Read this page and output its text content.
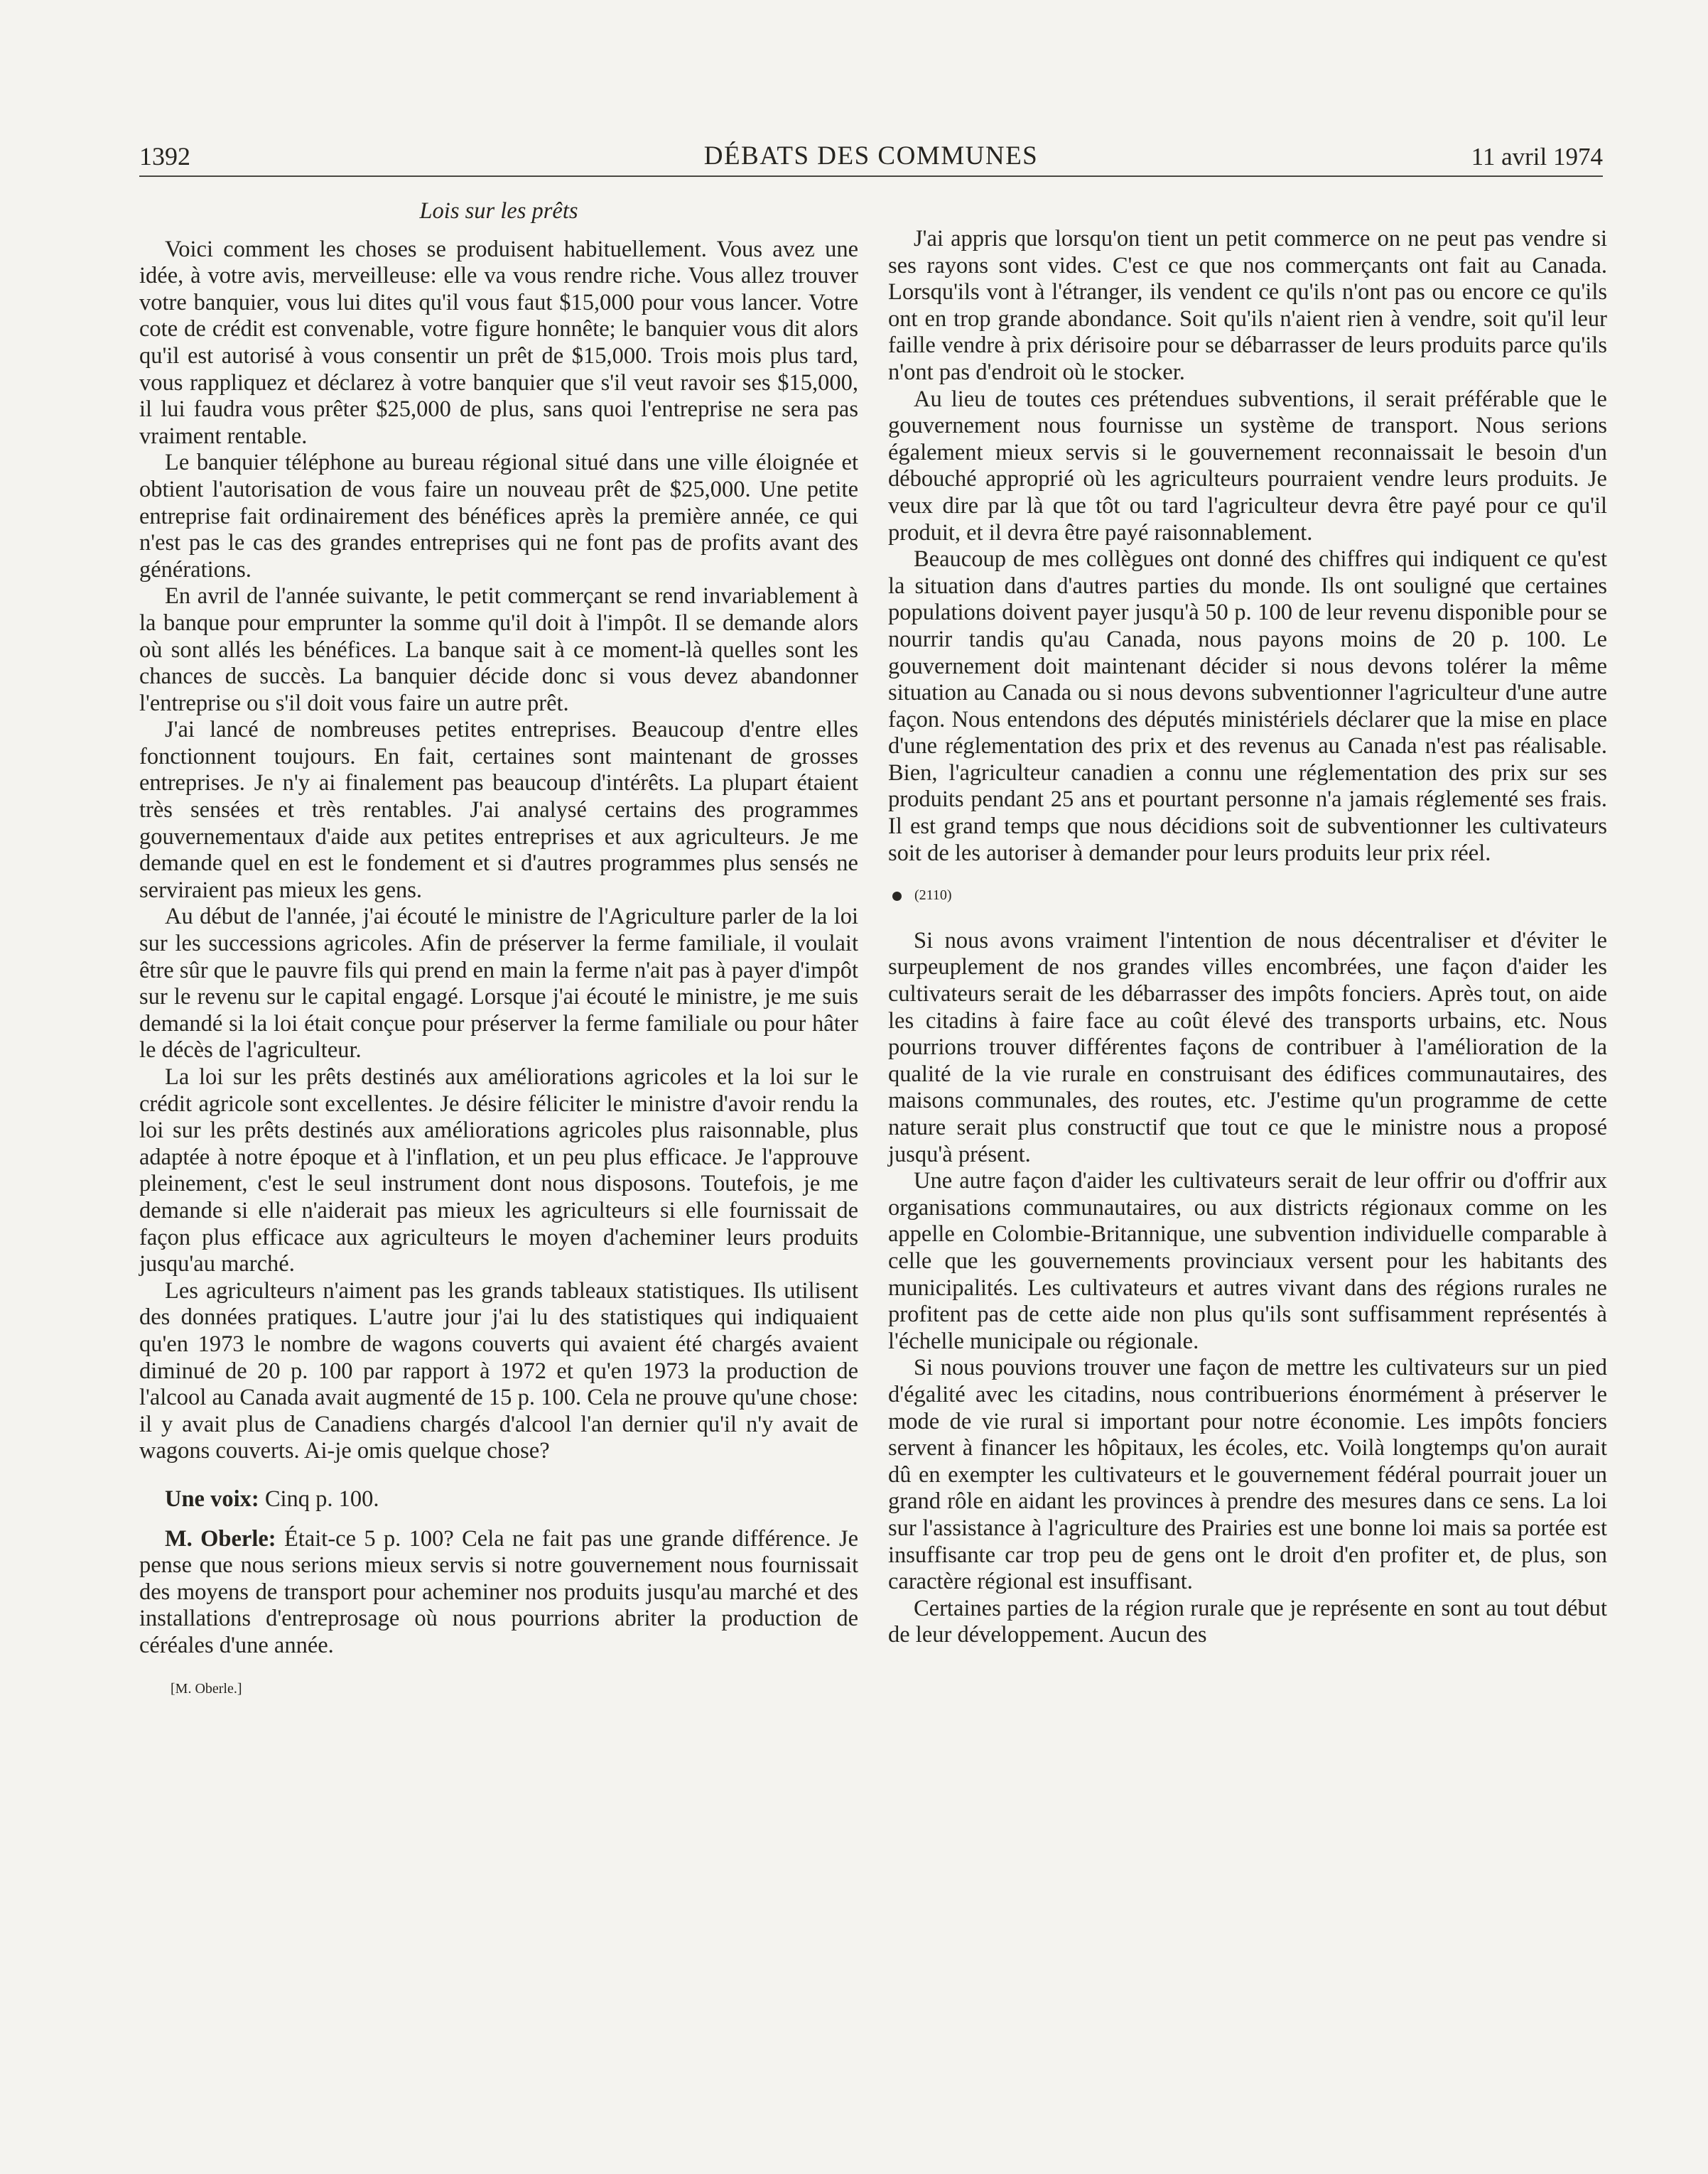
1392	DÉBATS DES COMMUNES	11 avril 1974

Lois sur les prêts

Voici comment les choses se produisent habituellement. Vous avez une idée, à votre avis, merveilleuse: elle va vous rendre riche. Vous allez trouver votre banquier, vous lui dites qu'il vous faut $15,000 pour vous lancer. Votre cote de crédit est convenable, votre figure honnête; le banquier vous dit alors qu'il est autorisé à vous consentir un prêt de $15,000. Trois mois plus tard, vous rappliquez et déclarez à votre banquier que s'il veut ravoir ses $15,000, il lui faudra vous prêter $25,000 de plus, sans quoi l'entreprise ne sera pas vraiment rentable.

Le banquier téléphone au bureau régional situé dans une ville éloignée et obtient l'autorisation de vous faire un nouveau prêt de $25,000. Une petite entreprise fait ordinairement des bénéfices après la première année, ce qui n'est pas le cas des grandes entreprises qui ne font pas de profits avant des générations.

En avril de l'année suivante, le petit commerçant se rend invariablement à la banque pour emprunter la somme qu'il doit à l'impôt. Il se demande alors où sont allés les bénéfices. La banque sait à ce moment-là quelles sont les chances de succès. La banquier décide donc si vous devez abandonner l'entreprise ou s'il doit vous faire un autre prêt.

J'ai lancé de nombreuses petites entreprises. Beaucoup d'entre elles fonctionnent toujours. En fait, certaines sont maintenant de grosses entreprises. Je n'y ai finalement pas beaucoup d'intérêts. La plupart étaient très sensées et très rentables. J'ai analysé certains des programmes gouvernementaux d'aide aux petites entreprises et aux agriculteurs. Je me demande quel en est le fondement et si d'autres programmes plus sensés ne serviraient pas mieux les gens.

Au début de l'année, j'ai écouté le ministre de l'Agriculture parler de la loi sur les successions agricoles. Afin de préserver la ferme familiale, il voulait être sûr que le pauvre fils qui prend en main la ferme n'ait pas à payer d'impôt sur le revenu sur le capital engagé. Lorsque j'ai écouté le ministre, je me suis demandé si la loi était conçue pour préserver la ferme familiale ou pour hâter le décès de l'agriculteur.

La loi sur les prêts destinés aux améliorations agricoles et la loi sur le crédit agricole sont excellentes. Je désire féliciter le ministre d'avoir rendu la loi sur les prêts destinés aux améliorations agricoles plus raisonnable, plus adaptée à notre époque et à l'inflation, et un peu plus efficace. Je l'approuve pleinement, c'est le seul instrument dont nous disposons. Toutefois, je me demande si elle n'aiderait pas mieux les agriculteurs si elle fournissait de façon plus efficace aux agriculteurs le moyen d'acheminer leurs produits jusqu'au marché.

Les agriculteurs n'aiment pas les grands tableaux statistiques. Ils utilisent des données pratiques. L'autre jour j'ai lu des statistiques qui indiquaient qu'en 1973 le nombre de wagons couverts qui avaient été chargés avaient diminué de 20 p. 100 par rapport à 1972 et qu'en 1973 la production de l'alcool au Canada avait augmenté de 15 p. 100. Cela ne prouve qu'une chose: il y avait plus de Canadiens chargés d'alcool l'an dernier qu'il n'y avait de wagons couverts. Ai-je omis quelque chose?

Une voix: Cinq p. 100.

M. Oberle: Était-ce 5 p. 100? Cela ne fait pas une grande différence. Je pense que nous serions mieux servis si notre gouvernement nous fournissait des moyens de transport pour acheminer nos produits jusqu'au marché et des installations d'entreprosage où nous pourrions abriter la production de céréales d'une année.

[M. Oberle.]

J'ai appris que lorsqu'on tient un petit commerce on ne peut pas vendre si ses rayons sont vides. C'est ce que nos commerçants ont fait au Canada. Lorsqu'ils vont à l'étranger, ils vendent ce qu'ils n'ont pas ou encore ce qu'ils ont en trop grande abondance. Soit qu'ils n'aient rien à vendre, soit qu'il leur faille vendre à prix dérisoire pour se débarrasser de leurs produits parce qu'ils n'ont pas d'endroit où le stocker.

Au lieu de toutes ces prétendues subventions, il serait préférable que le gouvernement nous fournisse un système de transport. Nous serions également mieux servis si le gouvernement reconnaissait le besoin d'un débouché approprié où les agriculteurs pourraient vendre leurs produits. Je veux dire par là que tôt ou tard l'agriculteur devra être payé pour ce qu'il produit, et il devra être payé raisonnablement.

Beaucoup de mes collègues ont donné des chiffres qui indiquent ce qu'est la situation dans d'autres parties du monde. Ils ont souligné que certaines populations doivent payer jusqu'à 50 p. 100 de leur revenu disponible pour se nourrir tandis qu'au Canada, nous payons moins de 20 p. 100. Le gouvernement doit maintenant décider si nous devons tolérer la même situation au Canada ou si nous devons subventionner l'agriculteur d'une autre façon. Nous entendons des députés ministériels déclarer que la mise en place d'une réglementation des prix et des revenus au Canada n'est pas réalisable. Bien, l'agriculteur canadien a connu une réglementation des prix sur ses produits pendant 25 ans et pourtant personne n'a jamais réglementé ses frais. Il est grand temps que nous décidions soit de subventionner les cultivateurs soit de les autoriser à demander pour leurs produits leur prix réel.

(2110)

Si nous avons vraiment l'intention de nous décentraliser et d'éviter le surpeuplement de nos grandes villes encombrées, une façon d'aider les cultivateurs serait de les débarrasser des impôts fonciers. Après tout, on aide les citadins à faire face au coût élevé des transports urbains, etc. Nous pourrions trouver différentes façons de contribuer à l'amélioration de la qualité de la vie rurale en construisant des édifices communautaires, des maisons communales, des routes, etc. J'estime qu'un programme de cette nature serait plus constructif que tout ce que le ministre nous a proposé jusqu'à présent.

Une autre façon d'aider les cultivateurs serait de leur offrir ou d'offrir aux organisations communautaires, ou aux districts régionaux comme on les appelle en Colombie-Britannique, une subvention individuelle comparable à celle que les gouvernements provinciaux versent pour les habitants des municipalités. Les cultivateurs et autres vivant dans des régions rurales ne profitent pas de cette aide non plus qu'ils sont suffisamment représentés à l'échelle municipale ou régionale.

Si nous pouvions trouver une façon de mettre les cultivateurs sur un pied d'égalité avec les citadins, nous contribuerions énormément à préserver le mode de vie rural si important pour notre économie. Les impôts fonciers servent à financer les hôpitaux, les écoles, etc. Voilà longtemps qu'on aurait dû en exempter les cultivateurs et le gouvernement fédéral pourrait jouer un grand rôle en aidant les provinces à prendre des mesures dans ce sens. La loi sur l'assistance à l'agriculture des Prairies est une bonne loi mais sa portée est insuffisante car trop peu de gens ont le droit d'en profiter et, de plus, son caractère régional est insuffisant.

Certaines parties de la région rurale que je représente en sont au tout début de leur développement. Aucun des
